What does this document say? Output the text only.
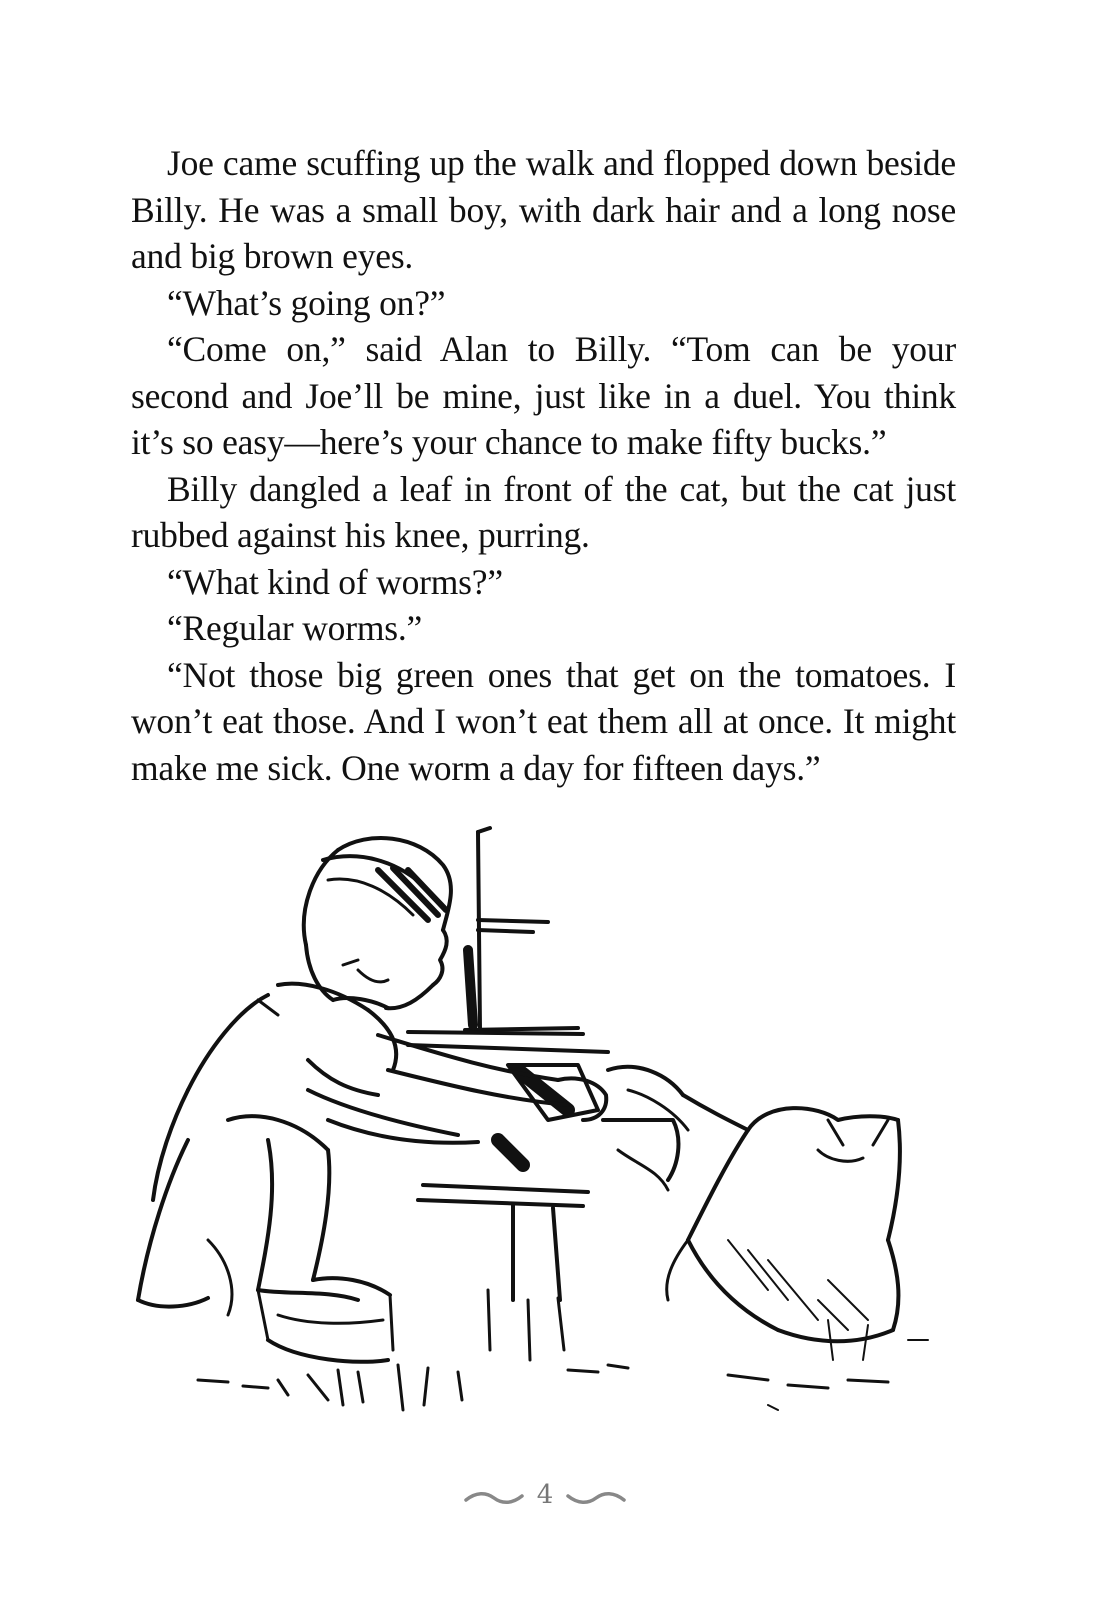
Joe came scuffing up the walk and flopped down beside Billy. He was a small boy, with dark hair and a long nose and big brown eyes.

“What’s going on?”

“Come on,” said Alan to Billy. “Tom can be your second and Joe’ll be mine, just like in a duel. You think it’s so easy—here’s your chance to make fifty bucks.”

Billy dangled a leaf in front of the cat, but the cat just rubbed against his knee, purring.

“What kind of worms?”

“Regular worms.”

“Not those big green ones that get on the tomatoes. I won’t eat those. And I won’t eat them all at once. It might make me sick. One worm a day for fifteen days.”

4
